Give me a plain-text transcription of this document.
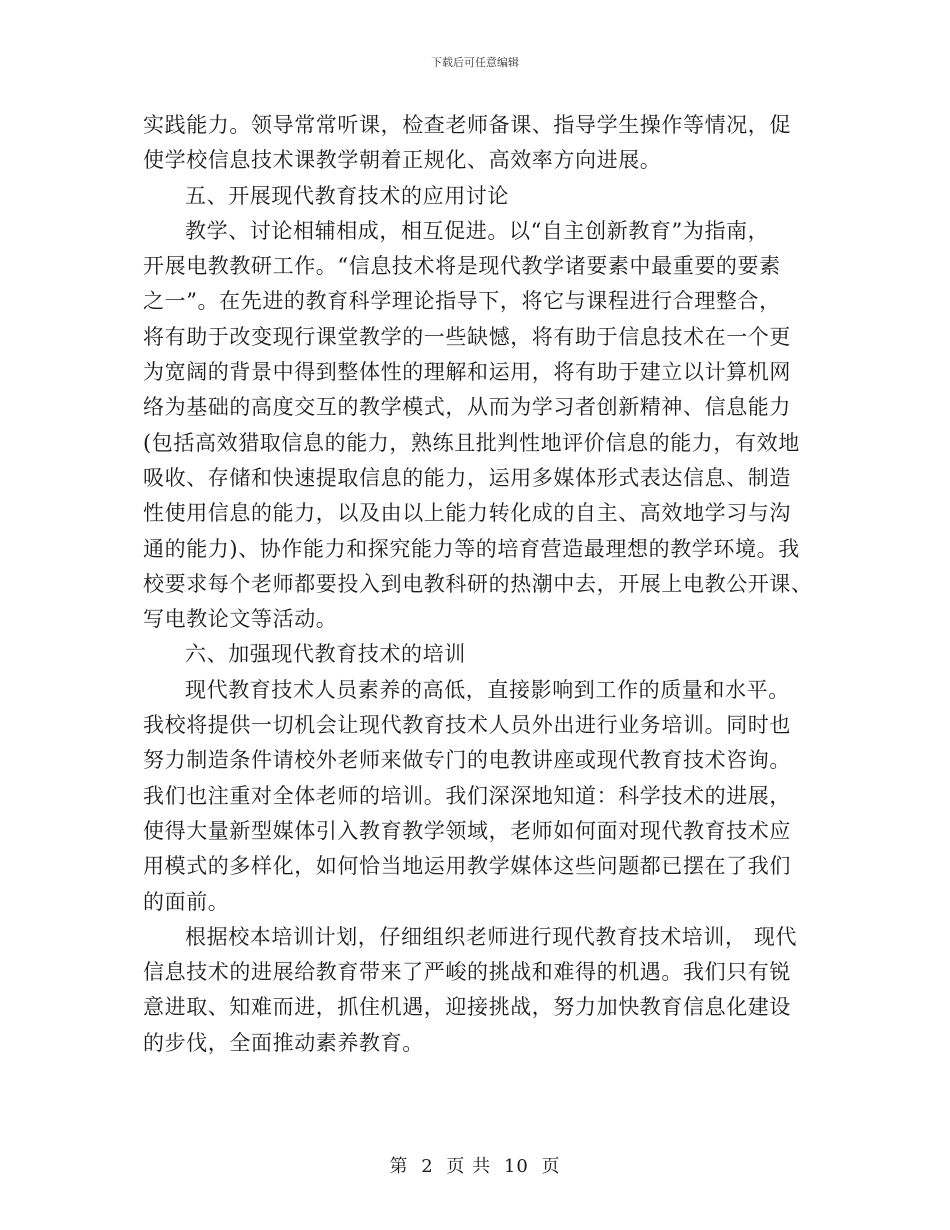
下载后可任意编辑
实践能力。领导常常听课，检查老师备课、指导学生操作等情况，促
使学校信息技术课教学朝着正规化、高效率方向进展。
五、开展现代教育技术的应用讨论
教学、讨论相辅相成，相互促进。以“自主创新教育”为指南，
开展电教教研工作。“信息技术将是现代教学诸要素中最重要的要素
之一”。在先进的教育科学理论指导下，将它与课程进行合理整合，
将有助于改变现行课堂教学的一些缺憾，将有助于信息技术在一个更
为宽阔的背景中得到整体性的理解和运用，将有助于建立以计算机网
络为基础的高度交互的教学模式，从而为学习者创新精神、信息能力
(包括高效猎取信息的能力，熟练且批判性地评价信息的能力，有效地
吸收、存储和快速提取信息的能力，运用多媒体形式表达信息、制造
性使用信息的能力，以及由以上能力转化成的自主、高效地学习与沟
通的能力)、协作能力和探究能力等的培育营造最理想的教学环境。我
校要求每个老师都要投入到电教科研的热潮中去，开展上电教公开课、
写电教论文等活动。
六、加强现代教育技术的培训
现代教育技术人员素养的高低，直接影响到工作的质量和水平。
我校将提供一切机会让现代教育技术人员外出进行业务培训。同时也
努力制造条件请校外老师来做专门的电教讲座或现代教育技术咨询。
我们也注重对全体老师的培训。我们深深地知道：科学技术的进展，
使得大量新型媒体引入教育教学领域，老师如何面对现代教育技术应
用模式的多样化，如何恰当地运用教学媒体这些问题都已摆在了我们
的面前。
根据校本培训计划，仔细组织老师进行现代教育技术培训， 现代
信息技术的进展给教育带来了严峻的挑战和难得的机遇。我们只有锐
意进取、知难而进，抓住机遇，迎接挑战，努力加快教育信息化建设
的步伐，全面推动素养教育。
第 2 页 共 10 页
